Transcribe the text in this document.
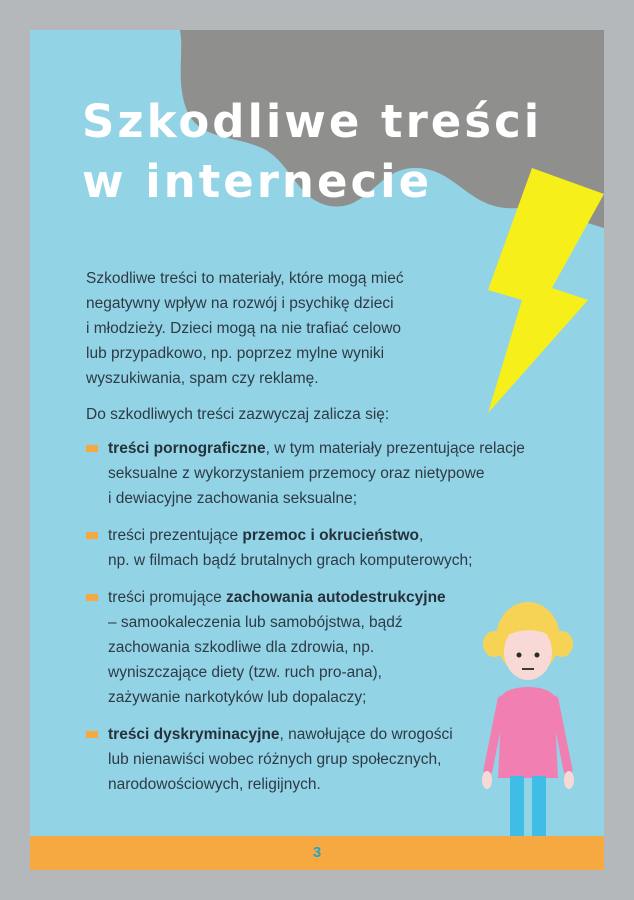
Szkodliwe treści
w internecie

Szkodliwe treści to materiały, które mogą mieć
negatywny wpływ na rozwój i psychikę dzieci
i młodzieży. Dzieci mogą na nie trafiać celowo
lub przypadkowo, np. poprzez mylne wyniki
wyszukiwania, spam czy reklamę.

Do szkodliwych treści zazwyczaj zalicza się:

treści pornograficzne, w tym materiały prezentujące relacje
seksualne z wykorzystaniem przemocy oraz nietypowe
i dewiacyjne zachowania seksualne;
treści prezentujące przemoc i okrucieństwo,
np. w filmach bądź brutalnych grach komputerowych;
treści promujące zachowania autodestrukcyjne
– samookaleczenia lub samobójstwa, bądź
zachowania szkodliwe dla zdrowia, np.
wyniszczające diety (tzw. ruch pro-ana),
zażywanie narkotyków lub dopalaczy;
treści dyskryminacyjne, nawołujące do wrogości
lub nienawiści wobec różnych grup społecznych,
narodowościowych, religijnych.
3
